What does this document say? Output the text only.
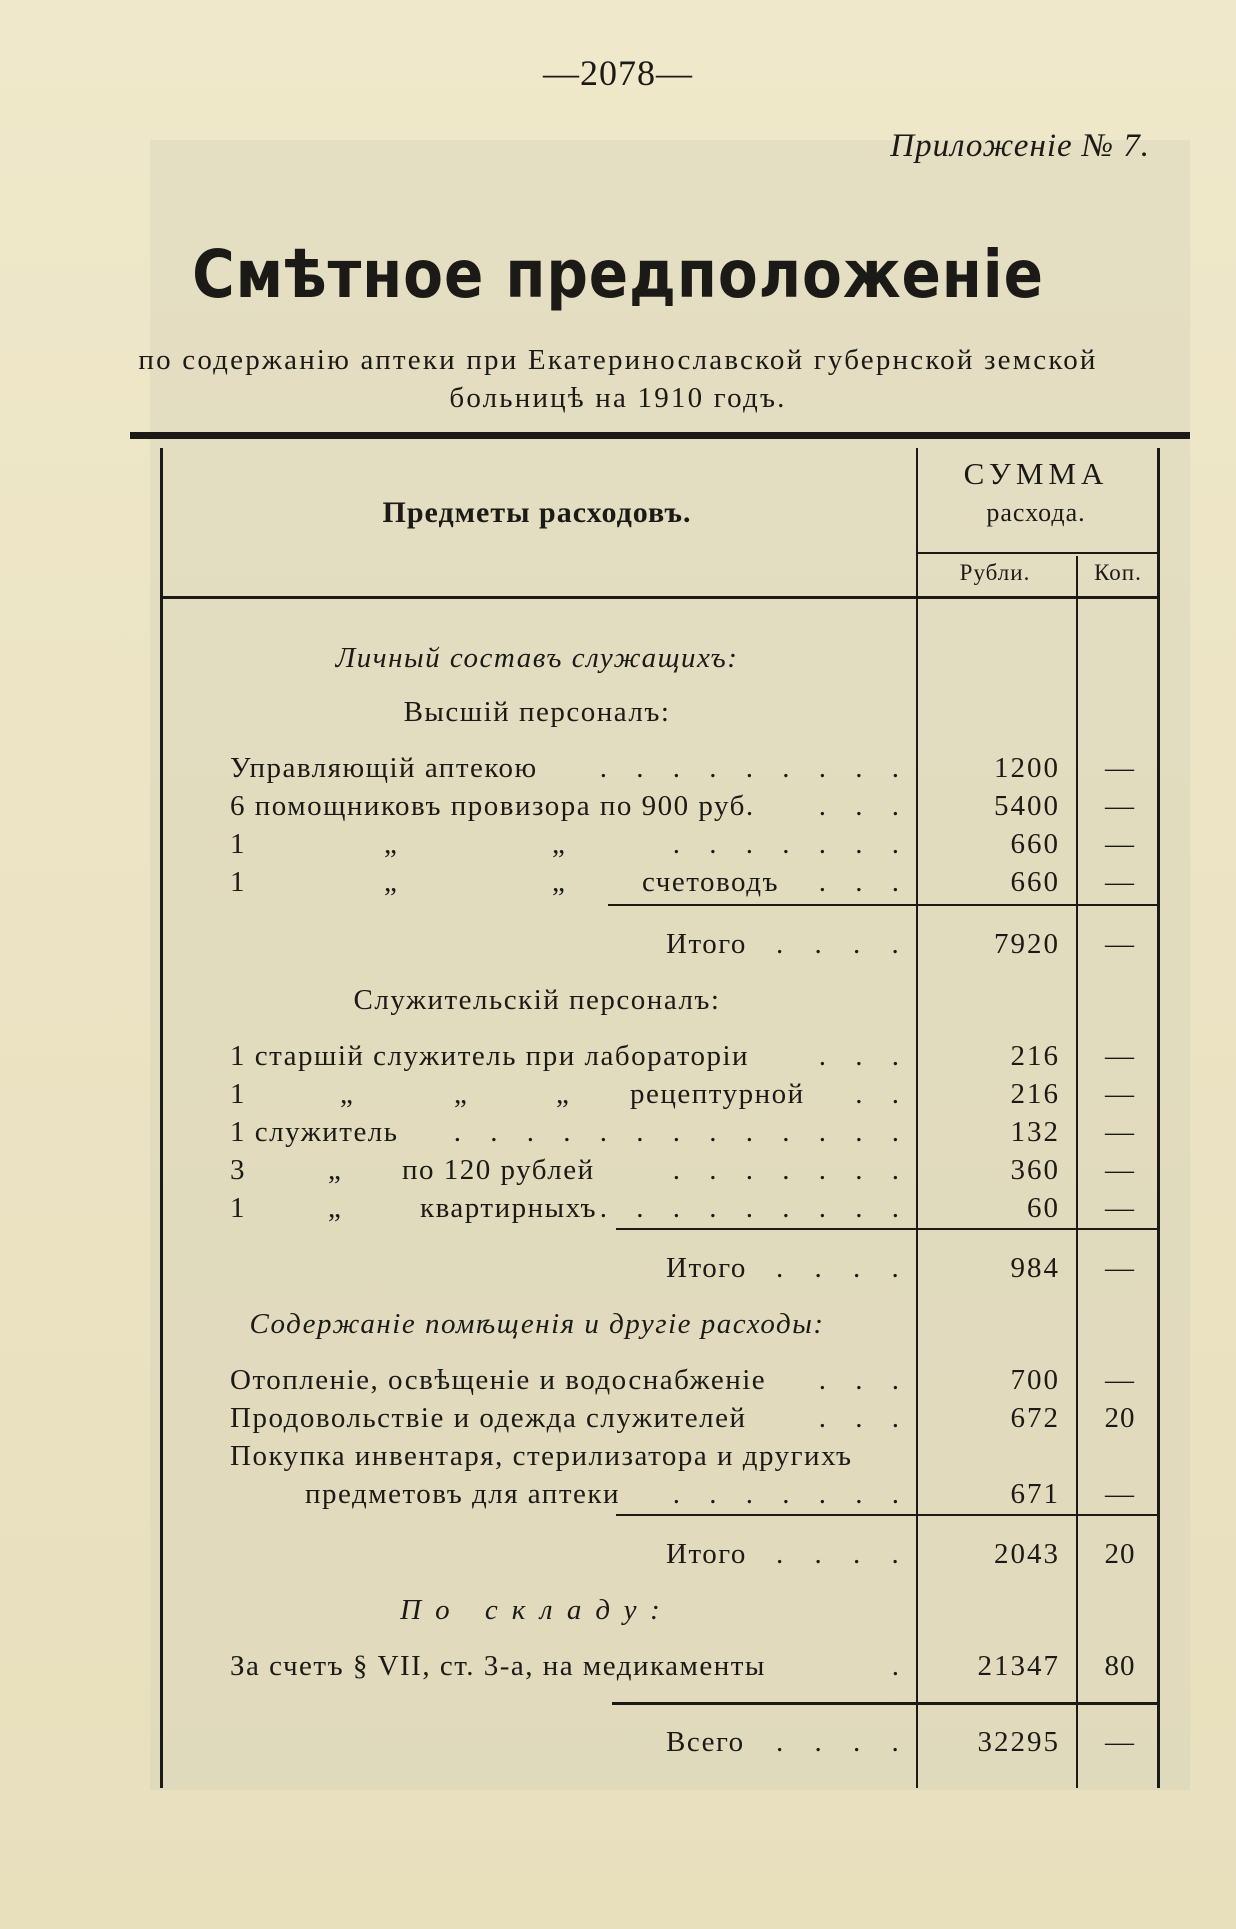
—2078—
Приложеніе № 7.
Смѣтное предположеніе
по содержанію аптеки при Екатеринославской губернской земской
больницѣ на 1910 годъ.
Предметы расходовъ.
СУММА
расхода.
Рубли.	Коп.
Личный составъ служащихъ:
Высшій персоналъ:
Управляющій аптекою . . . . . . . . .	1200	—
6 помощниковъ провизора по 900 руб. . . .	5400	—
1	„	„	. . . . . . .	660	—
1	„	„	счетоводъ . . .	660	—
Итого . . . .	7920	—
Служительскій персоналъ:
1 старшій служитель при лабораторіи . . .	216	—
1	„	„	„ рецептурной . .	216	—
1 служитель . . . . . . . . . . . . .	132	—
3	„ по 120 рублей	. . . . . . .	360	—
1	„	квартирныхъ . . . . . . . . .	60	—
Итого . . . .	984	—
Содержаніе помѣщенія и другіе расходы:
Отопленіе, освѣщеніе и водоснабженіе . . .	700	—
Продовольствіе и одежда служителей . . .	672	20
Покупка инвентаря, стерилизатора и другихъ
предметовъ для аптеки . . . . . . .	671	—
Итого . . . .	2043	20
По складу:
За счетъ § VII, ст. 3-а, на медикаменты	.	21347	80
Всего . . . .	32295	—
